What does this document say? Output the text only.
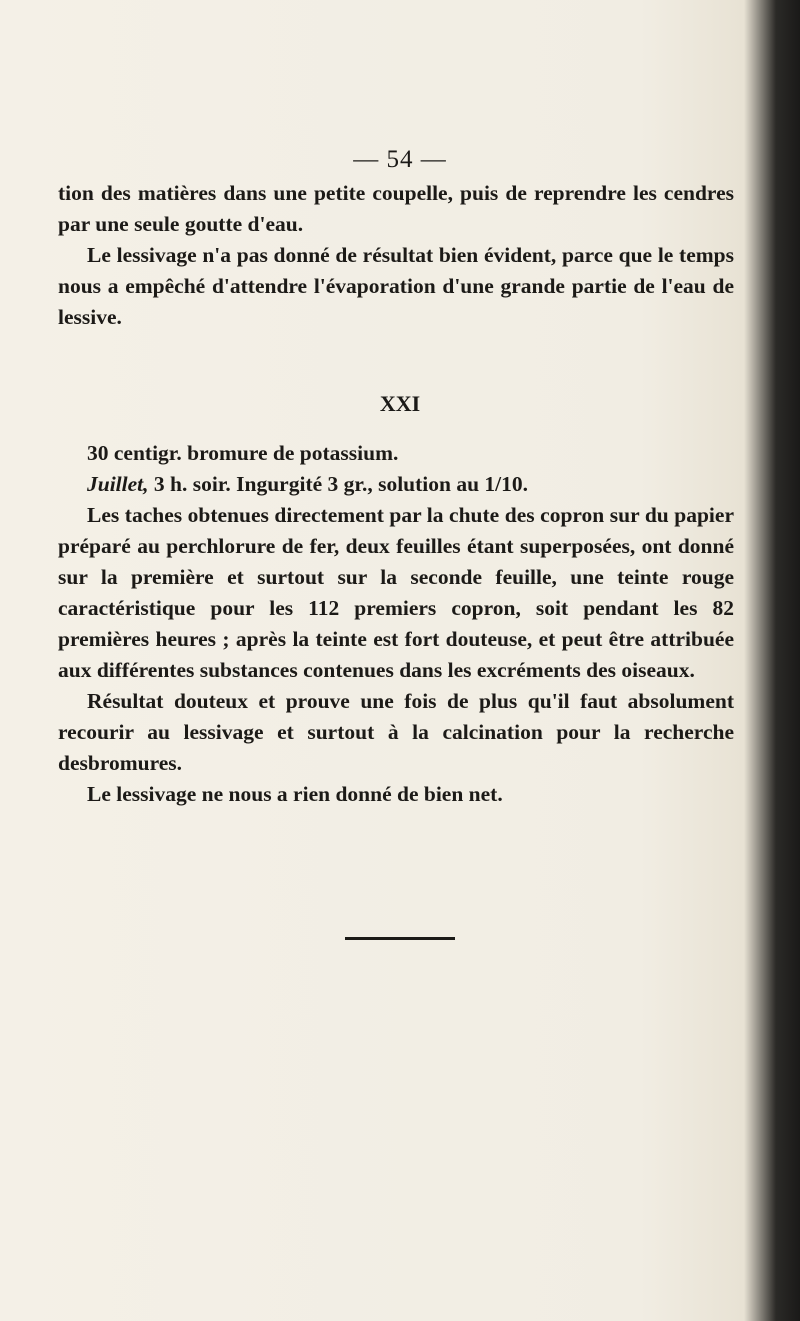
— 54 —

tion des matières dans une petite coupelle, puis de reprendre les cendres par une seule goutte d'eau.

Le lessivage n'a pas donné de résultat bien évident, parce que le temps nous a empêché d'attendre l'évaporation d'une grande partie de l'eau de lessive.

XXI

30 centigr. bromure de potassium.

Juillet, 3 h. soir. Ingurgité 3 gr., solution au 1/10.

Les taches obtenues directement par la chute des copron sur du papier préparé au perchlorure de fer, deux feuilles étant superposées, ont donné sur la première et surtout sur la seconde feuille, une teinte rouge caractéristique pour les 112 premiers copron, soit pendant les 82 premières heures ; après la teinte est fort douteuse, et peut être attribuée aux différentes substances contenues dans les excréments des oiseaux.

Résultat douteux et prouve une fois de plus qu'il faut absolument recourir au lessivage et surtout à la calcination pour la recherche desbromures.

Le lessivage ne nous a rien donné de bien net.
